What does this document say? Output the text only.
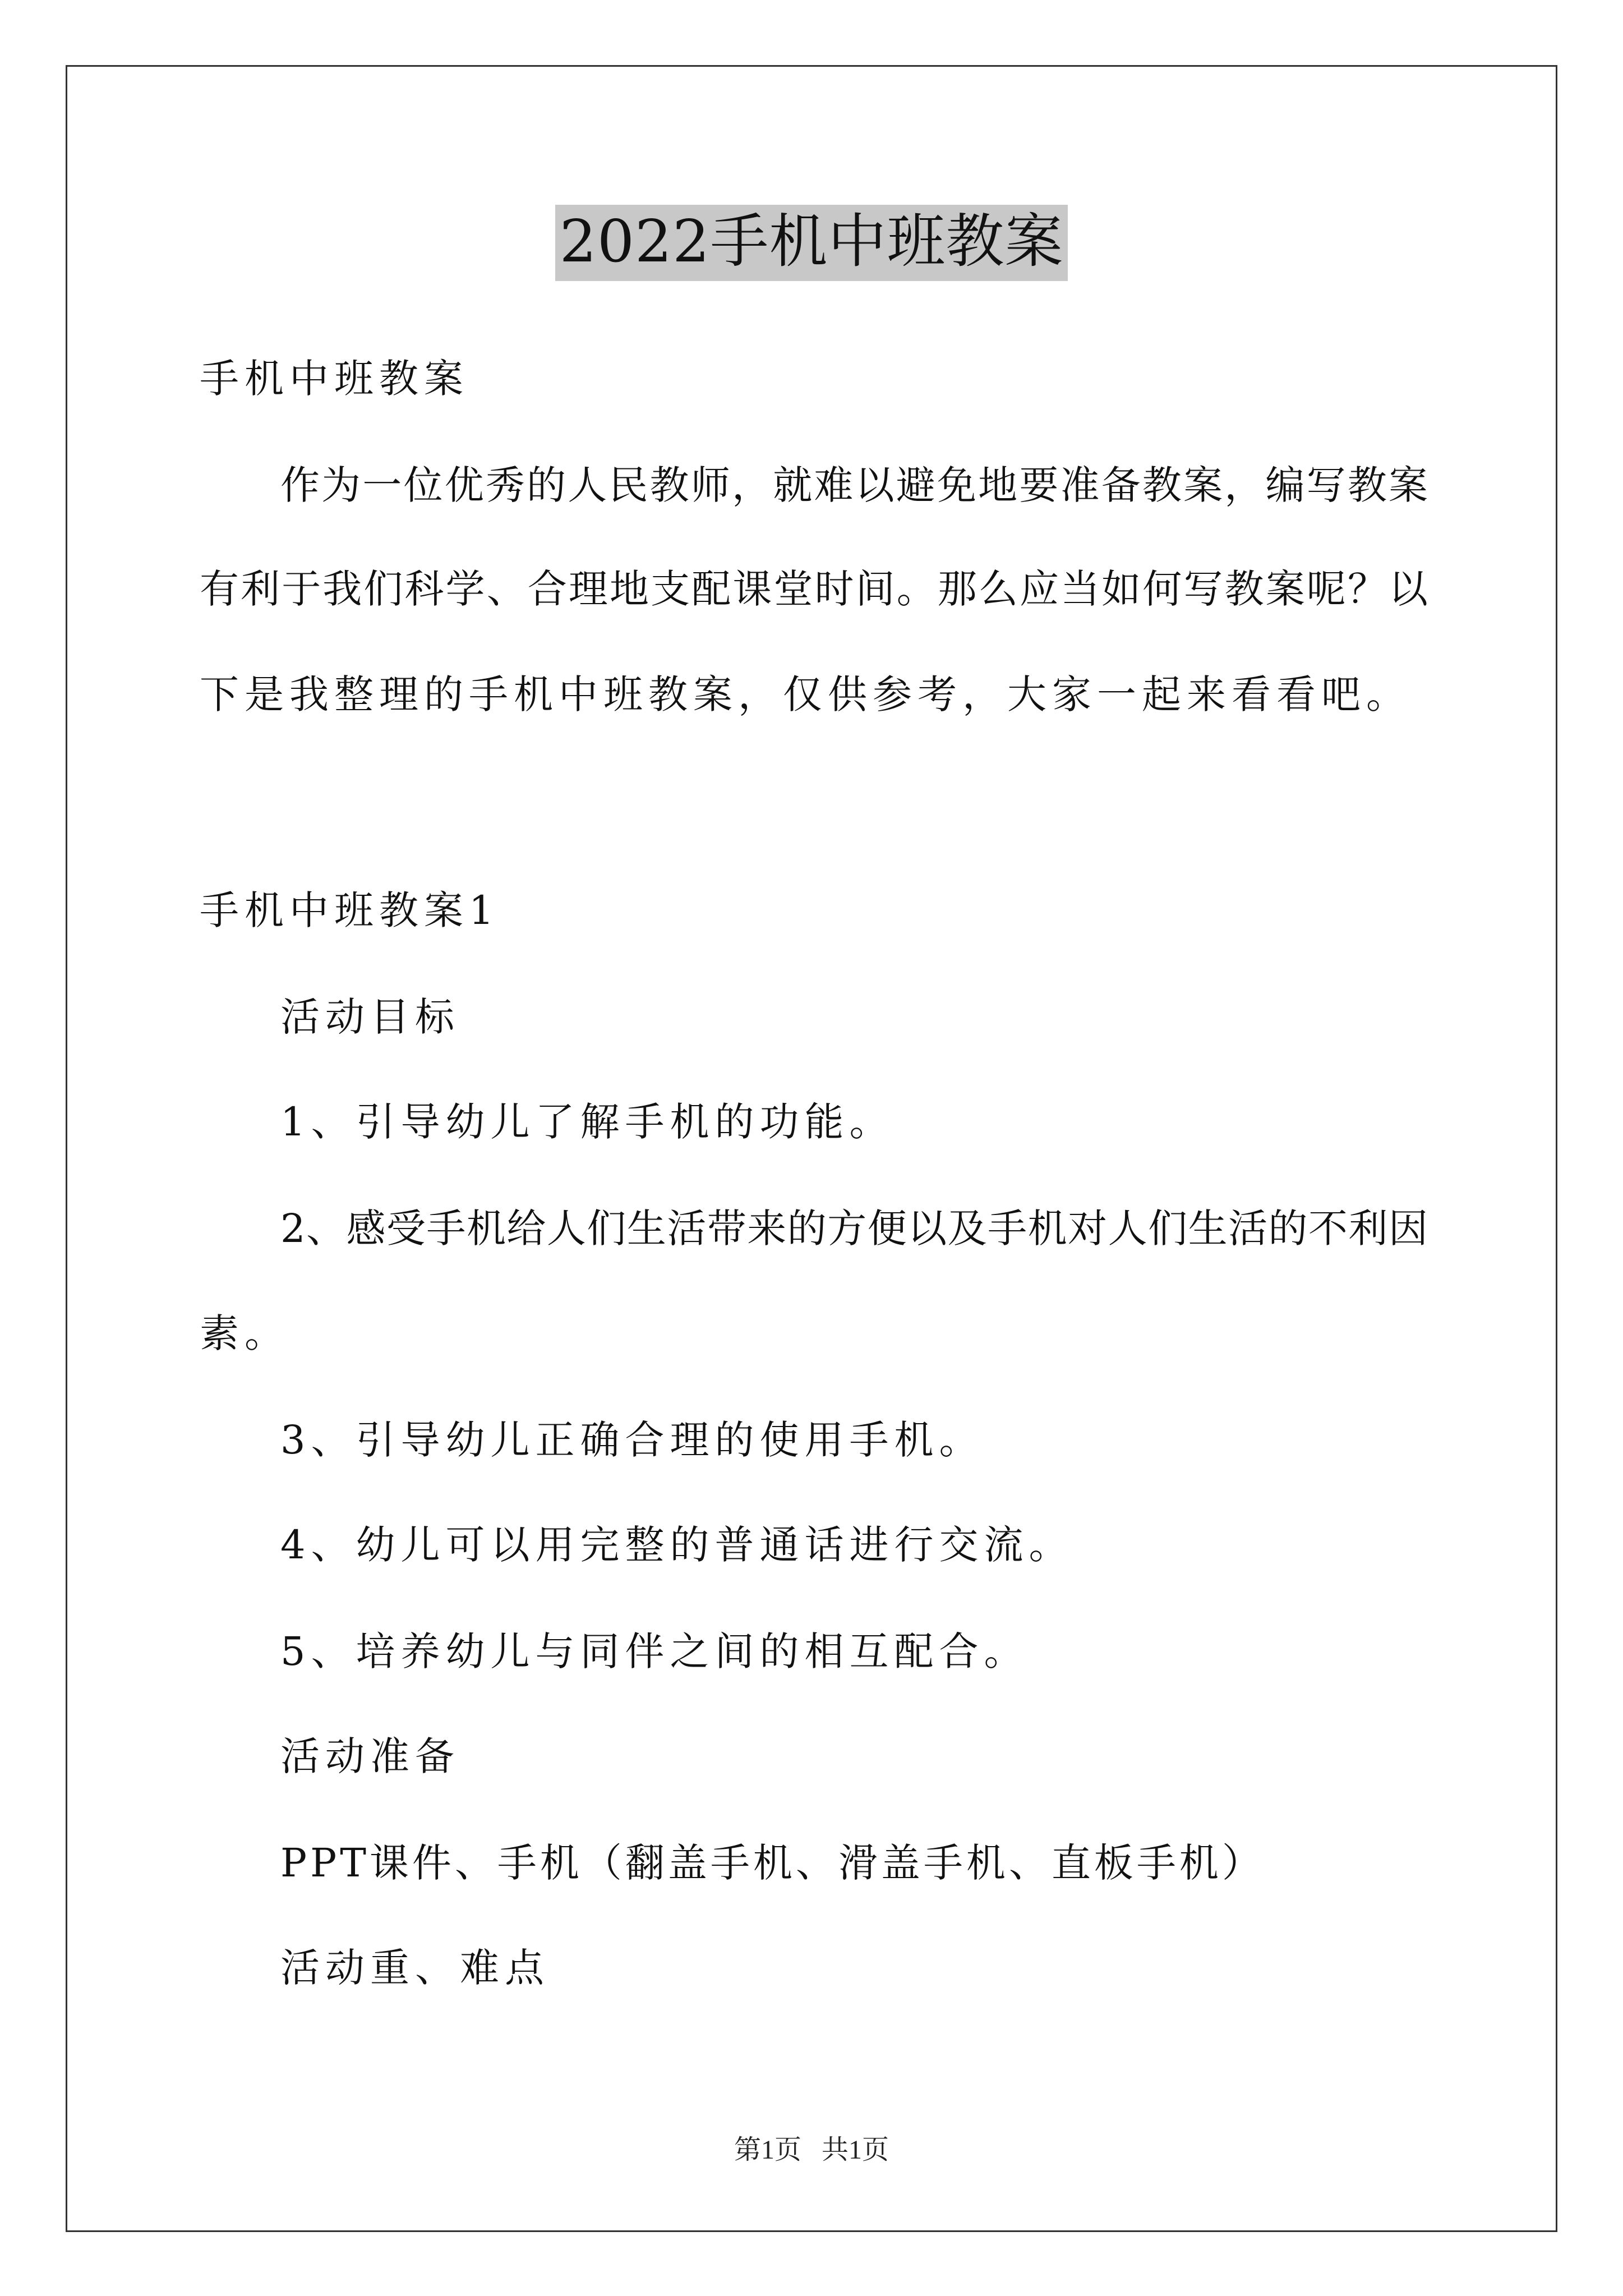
2022手机中班教案
手机中班教案
作为一位优秀的人民教师，就难以避免地要准备教案，编写教案
有利于我们科学、合理地支配课堂时间。那么应当如何写教案呢？以
下是我整理的手机中班教案，仅供参考，大家一起来看看吧。
手机中班教案1
活动目标
1、引导幼儿了解手机的功能。
2、感受手机给人们生活带来的方便以及手机对人们生活的不利因
素。
3、引导幼儿正确合理的使用手机。
4、幼儿可以用完整的普通话进行交流。
5、培养幼儿与同伴之间的相互配合。
活动准备
PPT课件、手机（翻盖手机、滑盖手机、直板手机）
活动重、难点
第1页   共1页
